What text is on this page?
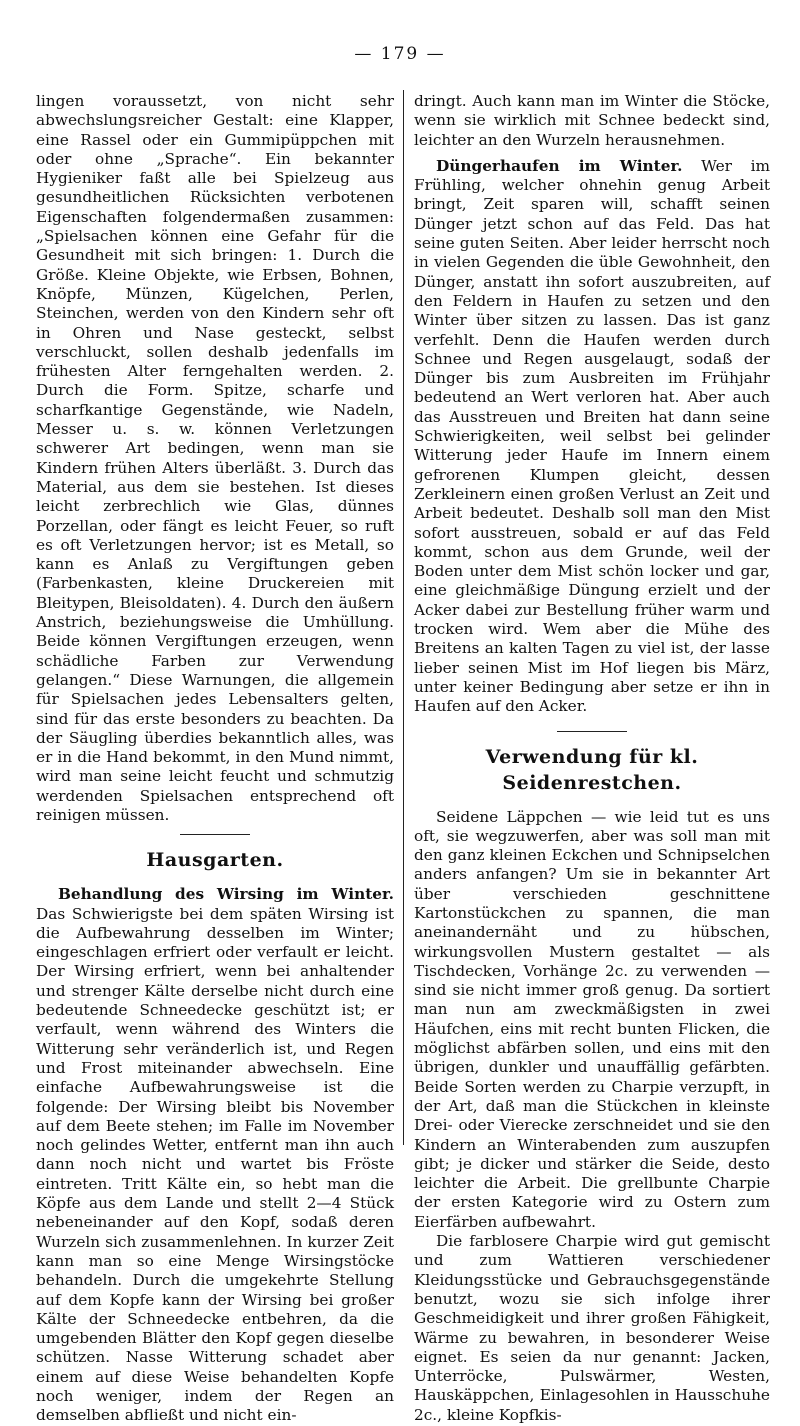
— 179 —

lingen voraussetzt, von nicht sehr abwechslungsreicher Gestalt: eine Klapper, eine Rassel oder ein Gummipüppchen mit oder ohne „Sprache“. Ein bekannter Hygieniker faßt alle bei Spielzeug aus gesundheitlichen Rücksichten verbotenen Eigenschaften folgendermaßen zusammen: „Spielsachen können eine Gefahr für die Gesundheit mit sich bringen: 1. Durch die Größe. Kleine Objekte, wie Erbsen, Bohnen, Knöpfe, Münzen, Kügelchen, Perlen, Steinchen, werden von den Kindern sehr oft in Ohren und Nase gesteckt, selbst verschluckt, sollen deshalb jedenfalls im frühesten Alter ferngehalten werden. 2. Durch die Form. Spitze, scharfe und scharfkantige Gegenstände, wie Nadeln, Messer u. s. w. können Verletzungen schwerer Art bedingen, wenn man sie Kindern frühen Alters überläßt. 3. Durch das Material, aus dem sie bestehen. Ist dieses leicht zerbrechlich wie Glas, dünnes Porzellan, oder fängt es leicht Feuer, so ruft es oft Verletzungen hervor; ist es Metall, so kann es Anlaß zu Vergiftungen geben (Farbenkasten, kleine Druckereien mit Bleitypen, Bleisoldaten). 4. Durch den äußern Anstrich, beziehungsweise die Umhüllung. Beide können Vergiftungen erzeugen, wenn schädliche Farben zur Verwendung gelangen.“ Diese Warnungen, die allgemein für Spielsachen jedes Lebensalters gelten, sind für das erste besonders zu beachten. Da der Säugling überdies bekanntlich alles, was er in die Hand bekommt, in den Mund nimmt, wird man seine leicht feucht und schmutzig werdenden Spielsachen entsprechend oft reinigen müssen.

Hausgarten.

Behandlung des Wirsing im Winter. Das Schwierigste bei dem späten Wirsing ist die Aufbewahrung desselben im Winter; eingeschlagen erfriert oder verfault er leicht. Der Wirsing erfriert, wenn bei anhaltender und strenger Kälte derselbe nicht durch eine bedeutende Schneedecke geschützt ist; er verfault, wenn während des Winters die Witterung sehr veränderlich ist, und Regen und Frost miteinander abwechseln. Eine einfache Aufbewahrungsweise ist die folgende: Der Wirsing bleibt bis November auf dem Beete stehen; im Falle im November noch gelindes Wetter, entfernt man ihn auch dann noch nicht und wartet bis Fröste eintreten. Tritt Kälte ein, so hebt man die Köpfe aus dem Lande und stellt 2—4 Stück nebeneinander auf den Kopf, sodaß deren Wurzeln sich zusammenlehnen. In kurzer Zeit kann man so eine Menge Wirsingstöcke behandeln. Durch die umgekehrte Stellung auf dem Kopfe kann der Wirsing bei großer Kälte der Schneedecke entbehren, da die umgebenden Blätter den Kopf gegen dieselbe schützen. Nasse Witterung schadet aber einem auf diese Weise behandelten Kopfe noch weniger, indem der Regen an demselben abfließt und nicht ein-

dringt. Auch kann man im Winter die Stöcke, wenn sie wirklich mit Schnee bedeckt sind, leichter an den Wurzeln herausnehmen.

Düngerhaufen im Winter. Wer im Frühling, welcher ohnehin genug Arbeit bringt, Zeit sparen will, schafft seinen Dünger jetzt schon auf das Feld. Das hat seine guten Seiten. Aber leider herrscht noch in vielen Gegenden die üble Gewohnheit, den Dünger, anstatt ihn sofort auszubreiten, auf den Feldern in Haufen zu setzen und den Winter über sitzen zu lassen. Das ist ganz verfehlt. Denn die Haufen werden durch Schnee und Regen ausgelaugt, sodaß der Dünger bis zum Ausbreiten im Frühjahr bedeutend an Wert verloren hat. Aber auch das Ausstreuen und Breiten hat dann seine Schwierigkeiten, weil selbst bei gelinder Witterung jeder Haufe im Innern einem gefrorenen Klumpen gleicht, dessen Zerkleinern einen großen Verlust an Zeit und Arbeit bedeutet. Deshalb soll man den Mist sofort ausstreuen, sobald er auf das Feld kommt, schon aus dem Grunde, weil der Boden unter dem Mist schön locker und gar, eine gleichmäßige Düngung erzielt und der Acker dabei zur Bestellung früher warm und trocken wird. Wem aber die Mühe des Breitens an kalten Tagen zu viel ist, der lasse lieber seinen Mist im Hof liegen bis März, unter keiner Bedingung aber setze er ihn in Haufen auf den Acker.

Verwendung für kl. Seidenrestchen.

Seidene Läppchen — wie leid tut es uns oft, sie wegzuwerfen, aber was soll man mit den ganz kleinen Eckchen und Schnipselchen anders anfangen? Um sie in bekannter Art über verschieden geschnittene Kartonstückchen zu spannen, die man aneinandernäht und zu hübschen, wirkungsvollen Mustern gestaltet — als Tischdecken, Vorhänge 2c. zu verwenden — sind sie nicht immer groß genug. Da sortiert man nun am zweckmäßigsten in zwei Häufchen, eins mit recht bunten Flicken, die möglichst abfärben sollen, und eins mit den übrigen, dunkler und unauffällig gefärbten. Beide Sorten werden zu Charpie verzupft, in der Art, daß man die Stückchen in kleinste Drei- oder Vierecke zerschneidet und sie den Kindern an Winterabenden zum auszupfen gibt; je dicker und stärker die Seide, desto leichter die Arbeit. Die grellbunte Charpie der ersten Kategorie wird zu Ostern zum Eierfärben aufbewahrt.

Die farblosere Charpie wird gut gemischt und zum Wattieren verschiedener Kleidungsstücke und Gebrauchsgegenstände benutzt, wozu sie sich infolge ihrer Geschmeidigkeit und ihrer großen Fähigkeit, Wärme zu bewahren, in besonderer Weise eignet. Es seien da nur genannt: Jacken, Unterröcke, Pulswärmer, Westen, Hauskäppchen, Einlagesohlen in Hausschuhe 2c., kleine Kopfkis-
